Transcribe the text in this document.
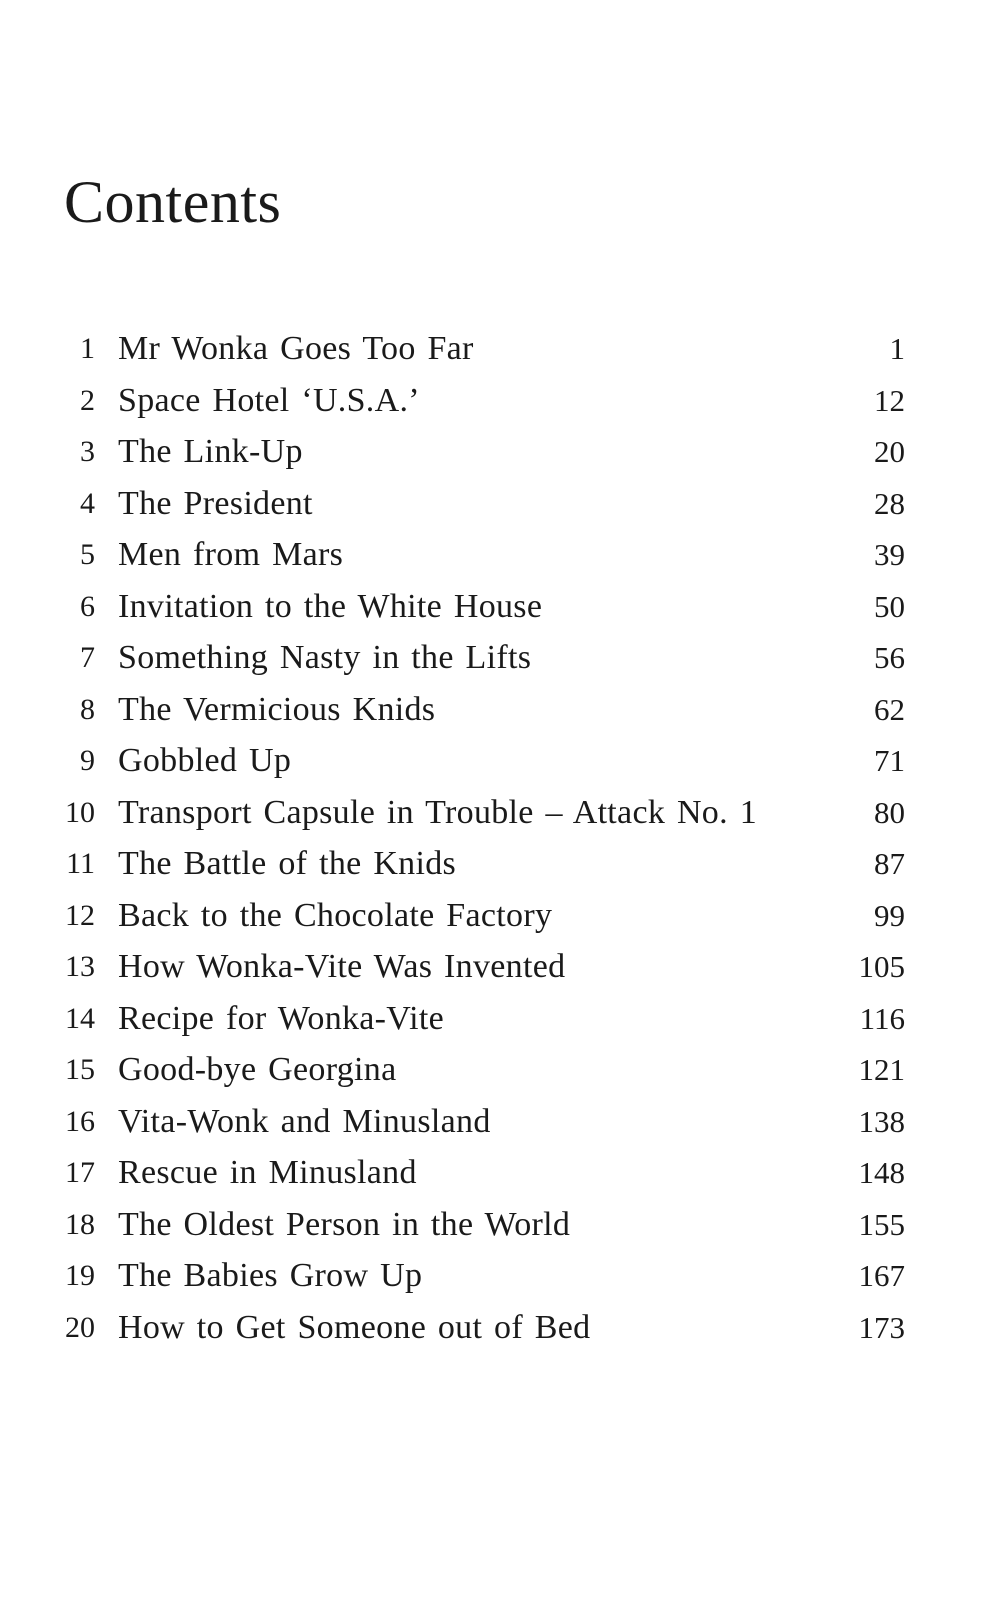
Contents
1 Mr Wonka Goes Too Far	1
2 Space Hotel ‘U.S.A.’	12
3 The Link-Up	20
4 The President	28
5 Men from Mars	39
6 Invitation to the White House	50
7 Something Nasty in the Lifts	56
8 The Vermicious Knids	62
9 Gobbled Up	71
10 Transport Capsule in Trouble – Attack No. 1	80
11 The Battle of the Knids	87
12 Back to the Chocolate Factory	99
13 How Wonka-Vite Was Invented	105
14 Recipe for Wonka-Vite	116
15 Good-bye Georgina	121
16 Vita-Wonk and Minusland	138
17 Rescue in Minusland	148
18 The Oldest Person in the World	155
19 The Babies Grow Up	167
20 How to Get Someone out of Bed	173
